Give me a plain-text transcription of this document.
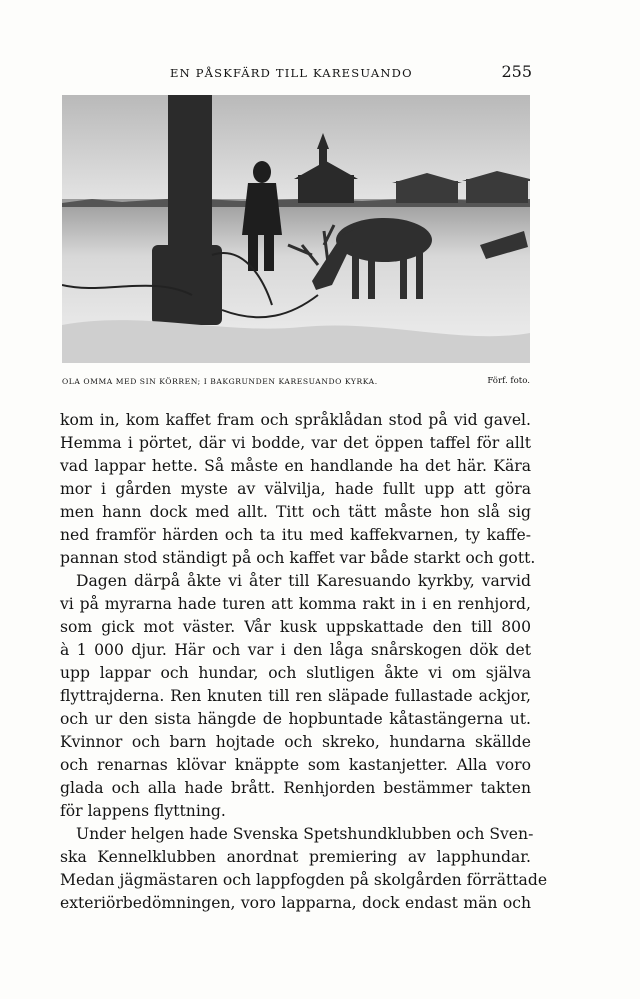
EN PÅSKFÄRD TILL KARESUANDO	255
OLA OMMA MED SIN KÖRREN; I BAKGRUNDEN KARESUANDO KYRKA.	Förf. foto.
kom in, kom kaffet fram och språklådan stod på vid gavel.
Hemma i pörtet, där vi bodde, var det öppen taffel för allt
vad lappar hette. Så måste en handlande ha det här. Kära
mor i gården myste av välvilja, hade fullt upp att göra
men hann dock med allt. Titt och tätt måste hon slå sig
ned framför härden och ta itu med kaffekvarnen, ty kaffe-
pannan stod ständigt på och kaffet var både starkt och gott.
Dagen därpå åkte vi åter till Karesuando kyrkby, varvid
vi på myrarna hade turen att komma rakt in i en renhjord,
som gick mot väster. Vår kusk uppskattade den till 800
à 1 000 djur. Här och var i den låga snårskogen dök det
upp lappar och hundar, och slutligen åkte vi om själva
flyttrajderna. Ren knuten till ren släpade fullastade ackjor,
och ur den sista hängde de hopbuntade kåtastängerna ut.
Kvinnor och barn hojtade och skreko, hundarna skällde
och renarnas klövar knäppte som kastanjetter. Alla voro
glada och alla hade brått. Renhjorden bestämmer takten
för lappens flyttning.
Under helgen hade Svenska Spetshundklubben och Sven-
ska Kennelklubben anordnat premiering av lapphundar.
Medan jägmästaren och lappfogden på skolgården förrättade
exteriörbedömningen, voro lapparna, dock endast män och
